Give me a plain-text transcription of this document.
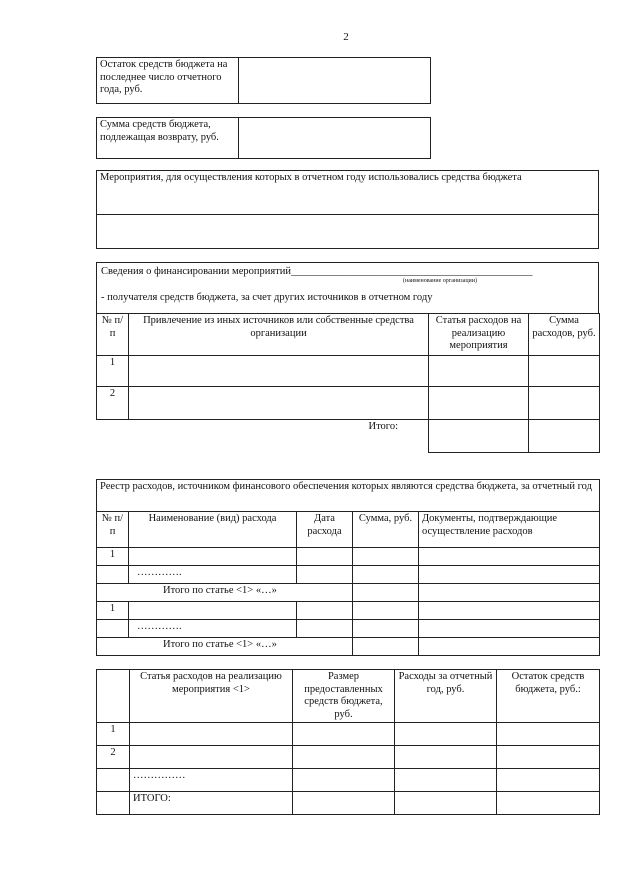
2
Остаток средств бюджета на последнее число отчетного года, руб.	
Сумма средств бюджета, подлежащая возврату, руб.	
Мероприятия, для осуществления которых в отчетном году использовались средства бюджета

Сведения о финансировании мероприятий______________________________________________
(наименование организации)
- получателя средств бюджета, за счет других источников в отчетном году
№ п/п	Привлечение из иных источников или собственные средства организации	Статья расходов на реализацию мероприятия	Сумма расходов, руб.
1			
2			
	Итого:		
Реестр расходов, источником финансового обеспечения которых являются средства бюджета, за отчетный год				
№ п/п	Наименование (вид) расхода	Дата расхода	Сумма, руб.	Документы, подтверждающие осуществление расходов
1				
	………….			
Итого по статье <1> «…»				
1				
	………….			
Итого по статье <1> «…»				
	Статья расходов на реализацию мероприятия <1>	Размер предоставленных средств бюджета, руб.	Расходы за отчетный год, руб.	Остаток средств бюджета, руб.:
1				
2				
	……………			
	ИТОГО:			
